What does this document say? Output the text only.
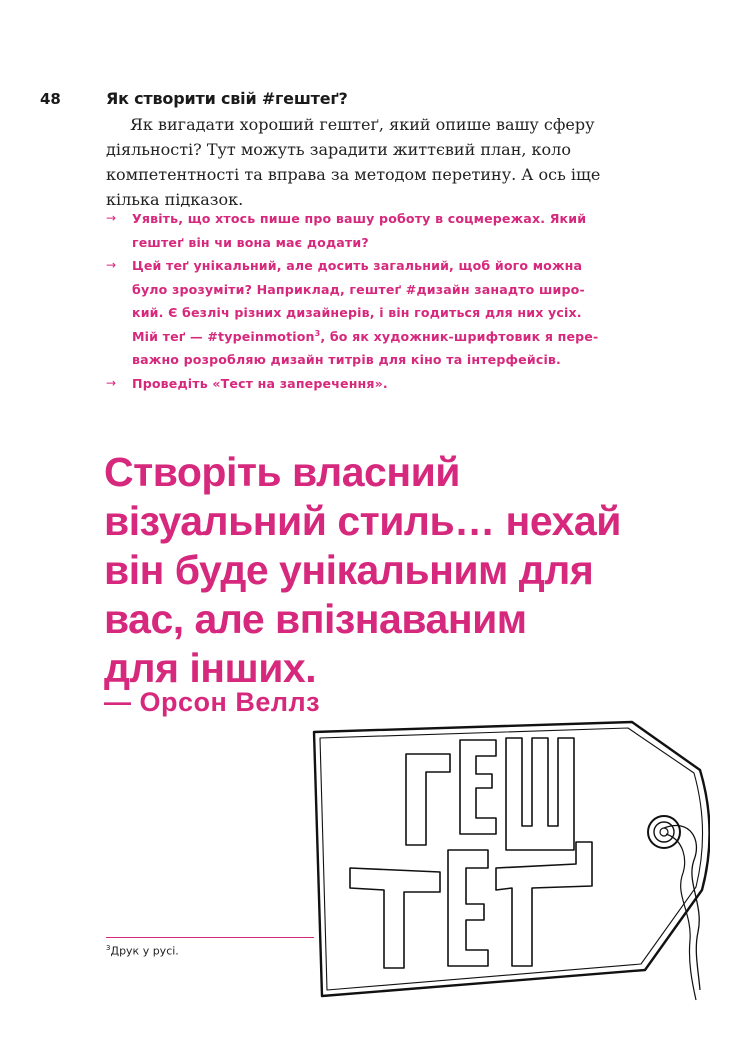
48	Як створити свій #гештеґ?

Як вигадати хороший гештеґ, який опише вашу сферу діяльності? Тут можуть зарадити життєвий план, коло компетентності та вправа за методом перетину. А ось іще кілька підказок.

→ Уявіть, що хтось пише про вашу роботу в соцмережах. Який
гештеґ він чи вона має додати?
→ Цей теґ унікальний, але досить загальний, щоб його можна
було зрозуміти? Наприклад, гештеґ #дизайн занадто широ-
кий. Є безліч різних дизайнерів, і він годиться для них усіх.
Мій теґ — #typeinmotion$^3$, бо як художник-шрифтовик я пере-
важно розробляю дизайн титрів для кіно та інтерфейсів.
→ Проведіть «Тест на заперечення».

Створіть власний
візуальний стиль… нехай
він буде унікальним для
вас, але впізнаваним
для інших.

— Орсон Веллз
$^3$Друк у русі.
